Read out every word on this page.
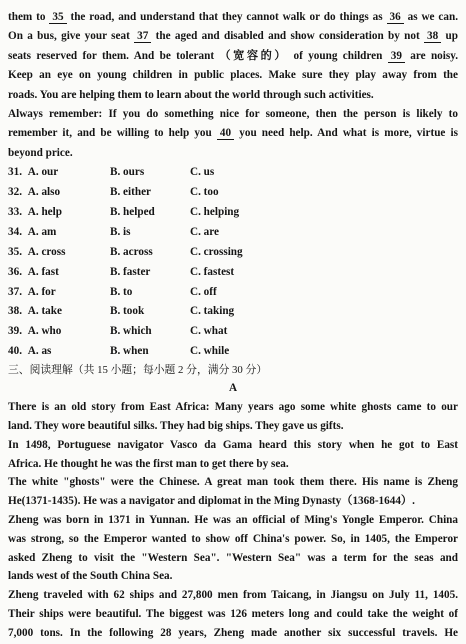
them to 35 the road, and understand that they cannot walk or do things as 36 as we can.
On a bus, give your seat 37 the aged and disabled and show consideration by not 38 up
seats reserved for them. And be tolerant （宽容的） of young children 39 are noisy.
Keep an eye on young children in public places. Make sure they play away from the
roads. You are helping them to learn about the world through such activities.
Always remember: If you do something nice for someone, then the person is likely to
remember it, and be willing to help you 40 you need help. And what is more, virtue is
beyond price.
31. A. our	B. ours	C. us
32. A. also	B. either	C. too
33. A. help	B. helped	C. helping
34. A. am	B. is	C. are
35. A. cross	B. across	C. crossing
36. A. fast	B. faster	C. fastest
37. A. for	B. to	C. off
38. A. take	B. took	C. taking
39. A. who	B. which	C. what
40. A. as	B. when	C. while
三、阅读理解（共 15 小题；每小题 2 分，满分 30 分）
A
There is an old story from East Africa: Many years ago some white ghosts came to our
land. They wore beautiful silks. They had big ships. They gave us gifts.
In 1498, Portuguese navigator Vasco da Gama heard this story when he got to East
Africa. He thought he was the first man to get there by sea.
The white "ghosts" were the Chinese. A great man took them there. His name is Zheng
He(1371-1435). He was a navigator and diplomat in the Ming Dynasty（1368-1644）.
Zheng was born in 1371 in Yunnan. He was an official of Ming's Yongle Emperor. China
was strong, so the Emperor wanted to show off China's power. So, in 1405, the Emperor
asked Zheng to visit the "Western Sea". "Western Sea" was a term for the seas and
lands west of the South China Sea.
Zheng traveled with 62 ships and 27,800 men from Taicang, in Jiangsu on July 11, 1405.
Their ships were beautiful. The biggest was 126 meters long and could take the weight of
7,000 tons. In the following 28 years, Zheng made another six successful travels. He
